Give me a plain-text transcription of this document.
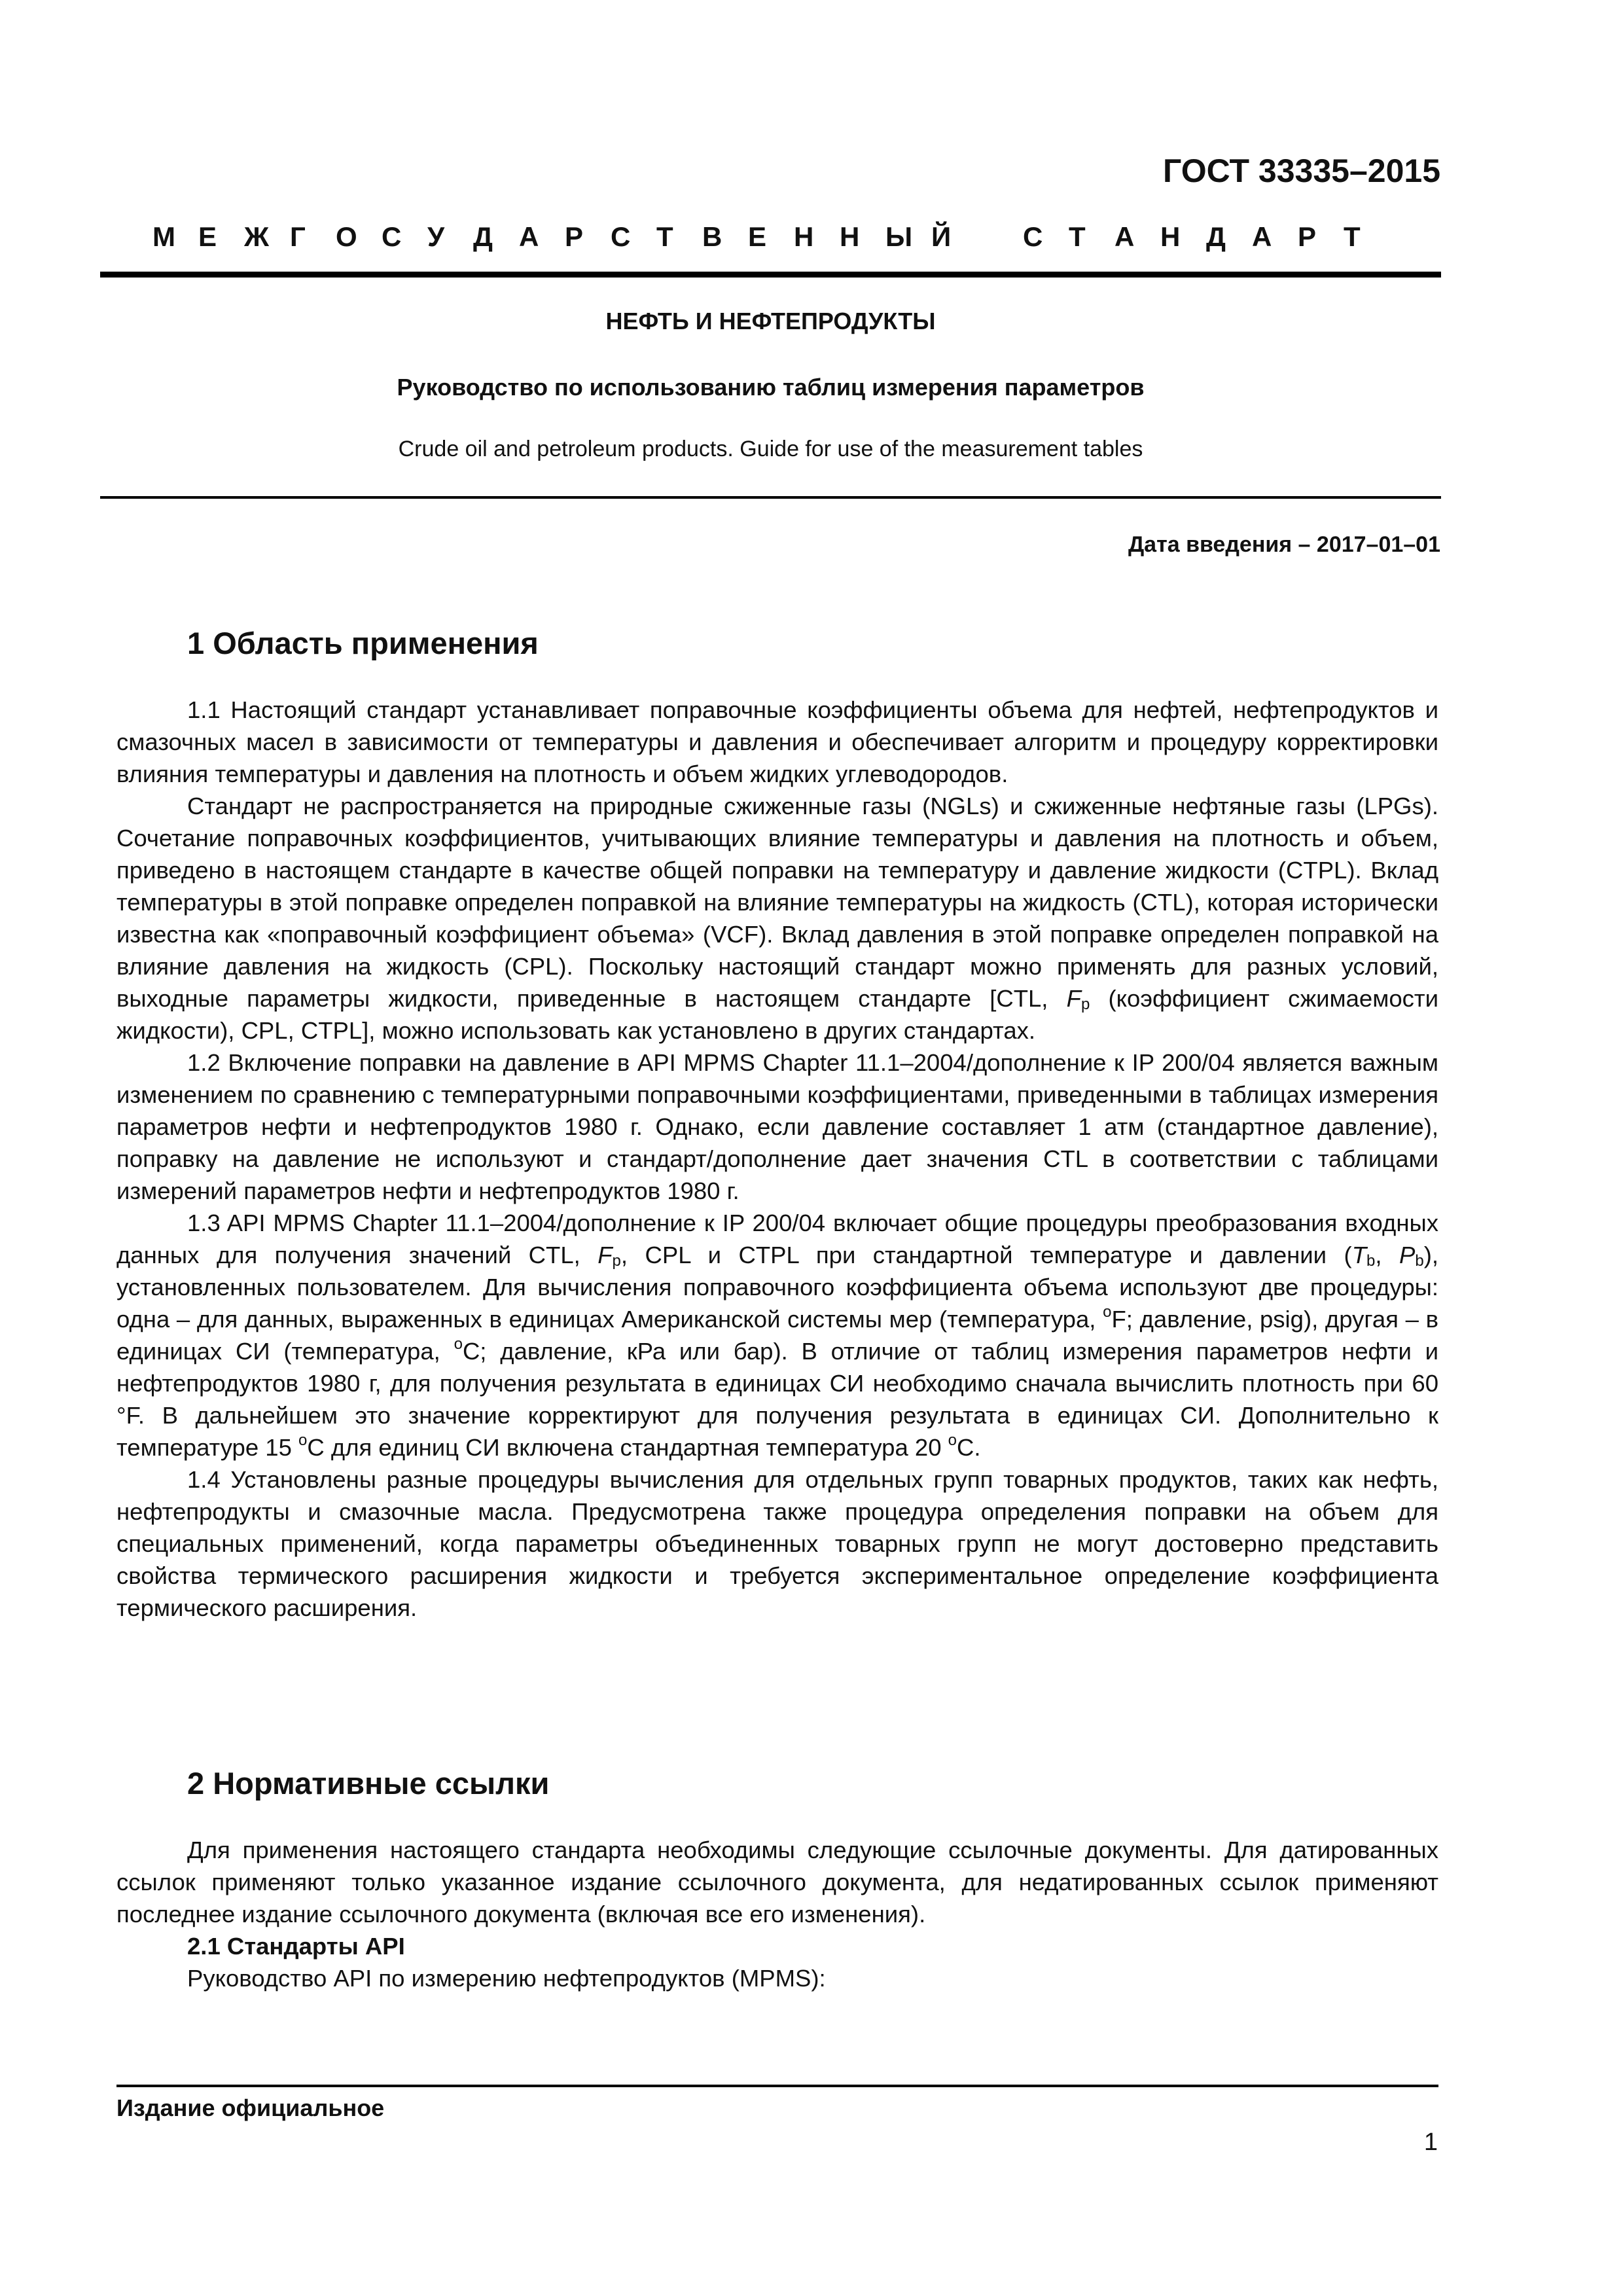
ГОСТ 33335–2015
М Е Ж Г О С У Д А Р С Т В Е Н Н Ы Й	С Т А Н Д А Р Т
НЕФТЬ И НЕФТЕПРОДУКТЫ
Руководство по использованию таблиц измерения параметров
Crude oil and petroleum products. Guide for use of the measurement tables
Дата введения – 2017–01–01
1 Область применения

1.1 Настоящий стандарт устанавливает поправочные коэффициенты объема для нефтей, нефтепродуктов и смазочных масел в зависимости от температуры и давления и обеспечивает алгоритм и процедуру корректировки влияния температуры и давления на плотность и объем жидких углеводородов.

Стандарт не распространяется на природные сжиженные газы (NGLs) и сжиженные нефтяные газы (LPGs). Сочетание поправочных коэффициентов, учитывающих влияние температуры и давления на плотность и объем, приведено в настоящем стандарте в качестве общей поправки на температуру и давление жидкости (CTPL). Вклад температуры в этой поправке определен поправкой на влияние температуры на жидкость (CTL), которая исторически известна как «поправочный коэффициент объема» (VCF). Вклад давления в этой поправке определен поправкой на влияние давления на жидкость (CPL). Поскольку настоящий стандарт можно применять для разных условий, выходные параметры жидкости, приведенные в настоящем стандарте [CTL, $F_p$ (коэффициент сжимаемости жидкости), CPL, CTPL], можно использовать как установлено в других стандартах.

1.2 Включение поправки на давление в API MPMS Chapter 11.1–2004/дополнение к IP 200/04 является важным изменением по сравнению с температурными поправочными коэффициентами, приведенными в таблицах измерения параметров нефти и нефтепродуктов 1980 г. Однако, если давление составляет 1 атм (стандартное давление), поправку на давление не используют и стандарт/дополнение дает значения CTL в соответствии с таблицами измерений параметров нефти и нефтепродуктов 1980 г.

1.3 API MPMS Chapter 11.1–2004/дополнение к IP 200/04 включает общие процедуры преобразования входных данных для получения значений CTL, $F_p$, CPL и CTPL при стандартной температуре и давлении ($T_b$, $P_b$), установленных пользователем. Для вычисления поправочного коэффициента объема используют две процедуры: одна – для данных, выраженных в единицах Американской системы мер (температура, $^o$F; давление, psig), другая – в единицах СИ (температура, $^o$C; давление, кРа или бар). В отличие от таблиц измерения параметров нефти и нефтепродуктов 1980 г, для получения результата в единицах СИ необходимо сначала вычислить плотность при 60 °F. В дальнейшем это значение корректируют для получения результата в единицах СИ. Дополнительно к температуре 15 $^o$C для единиц СИ включена стандартная температура 20 $^o$C.

1.4 Установлены разные процедуры вычисления для отдельных групп товарных продуктов, таких как нефть, нефтепродукты и смазочные масла. Предусмотрена также процедура определения поправки на объем для специальных применений, когда параметры объединенных товарных групп не могут достоверно представить свойства термического расширения жидкости и требуется экспериментальное определение коэффициента термического расширения.

2 Нормативные ссылки

Для применения настоящего стандарта необходимы следующие ссылочные документы. Для датированных ссылок применяют только указанное издание ссылочного документа, для недатированных ссылок применяют последнее издание ссылочного документа (включая все его изменения).

2.1 Стандарты API

Руководство API по измерению нефтепродуктов (MPMS):

Издание официальное
1
